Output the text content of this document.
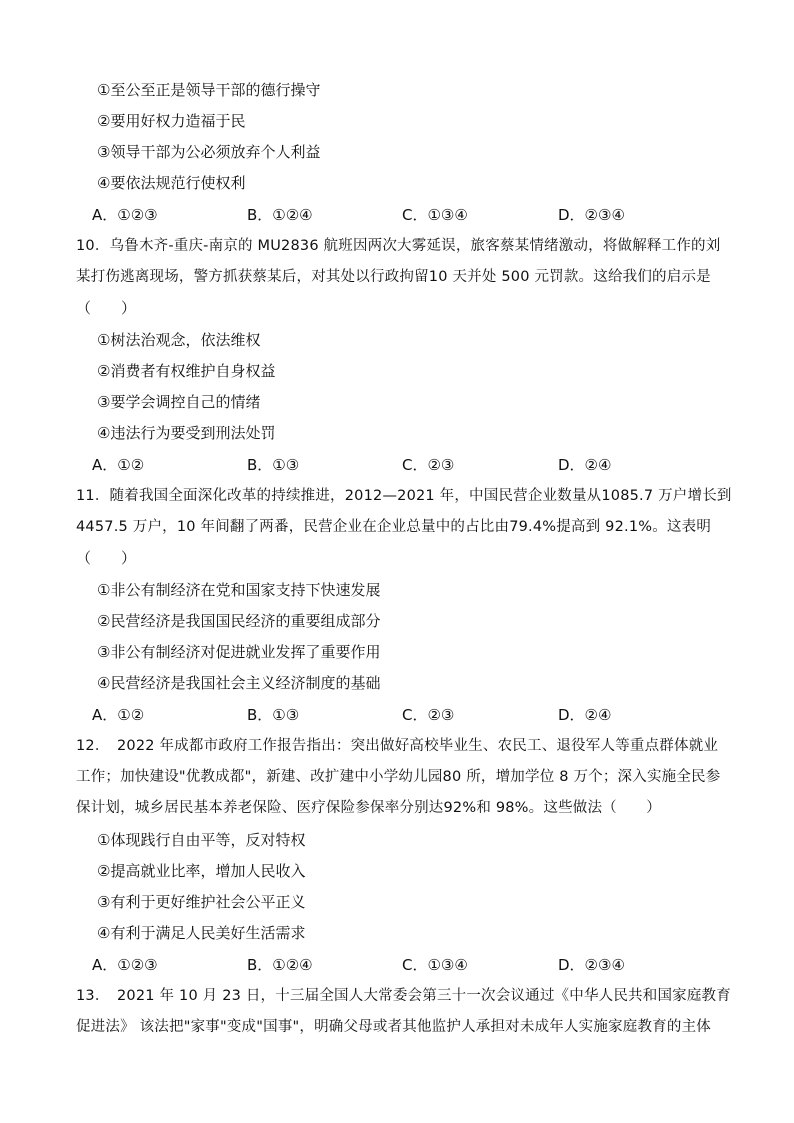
①至公至正是领导干部的德行操守
②要用好权力造福于民
③领导干部为公必须放弃个人利益
④要依法规范行使权利
A．①②③	B．①②④	C．①③④	D．②③④
10．乌鲁木齐-重庆-南京的 MU2836 航班因两次大雾延误，旅客蔡某情绪激动，将做解释工作的刘
某打伤逃离现场，警方抓获蔡某后，对其处以行政拘留10 天并处 500 元罚款。这给我们的启示是
（　　）
①树法治观念，依法维权
②消费者有权维护自身权益
③要学会调控自己的情绪
④违法行为要受到刑法处罚
A．①②	B．①③	C．②③	D．②④
11．随着我国全面深化改革的持续推进，2012—2021 年，中国民营企业数量从1085.7 万户增长到
4457.5 万户，10 年间翻了两番，民营企业在企业总量中的占比由79.4%提高到 92.1%。这表明
（　　）
①非公有制经济在党和国家支持下快速发展
②民营经济是我国国民经济的重要组成部分
③非公有制经济对促进就业发挥了重要作用
④民营经济是我国社会主义经济制度的基础
A．①②	B．①③	C．②③	D．②④
12．　2022 年成都市政府工作报告指出：突出做好高校毕业生、农民工、退役军人等重点群体就业
工作；加快建设"优教成都"，新建、改扩建中小学幼儿园80 所，增加学位 8 万个；深入实施全民参
保计划，城乡居民基本养老保险、医疗保险参保率分别达92%和 98%。这些做法（　　）
①体现践行自由平等，反对特权
②提高就业比率，增加人民收入
③有利于更好维护社会公平正义
④有利于满足人民美好生活需求
A．①②③	B．①②④	C．①③④	D．②③④
13．　2021 年 10 月 23 日，十三届全国人大常委会第三十一次会议通过《中华人民共和国家庭教育
促进法》 该法把"家事"变成"国事"，明确父母或者其他监护人承担对未成年人实施家庭教育的主体
